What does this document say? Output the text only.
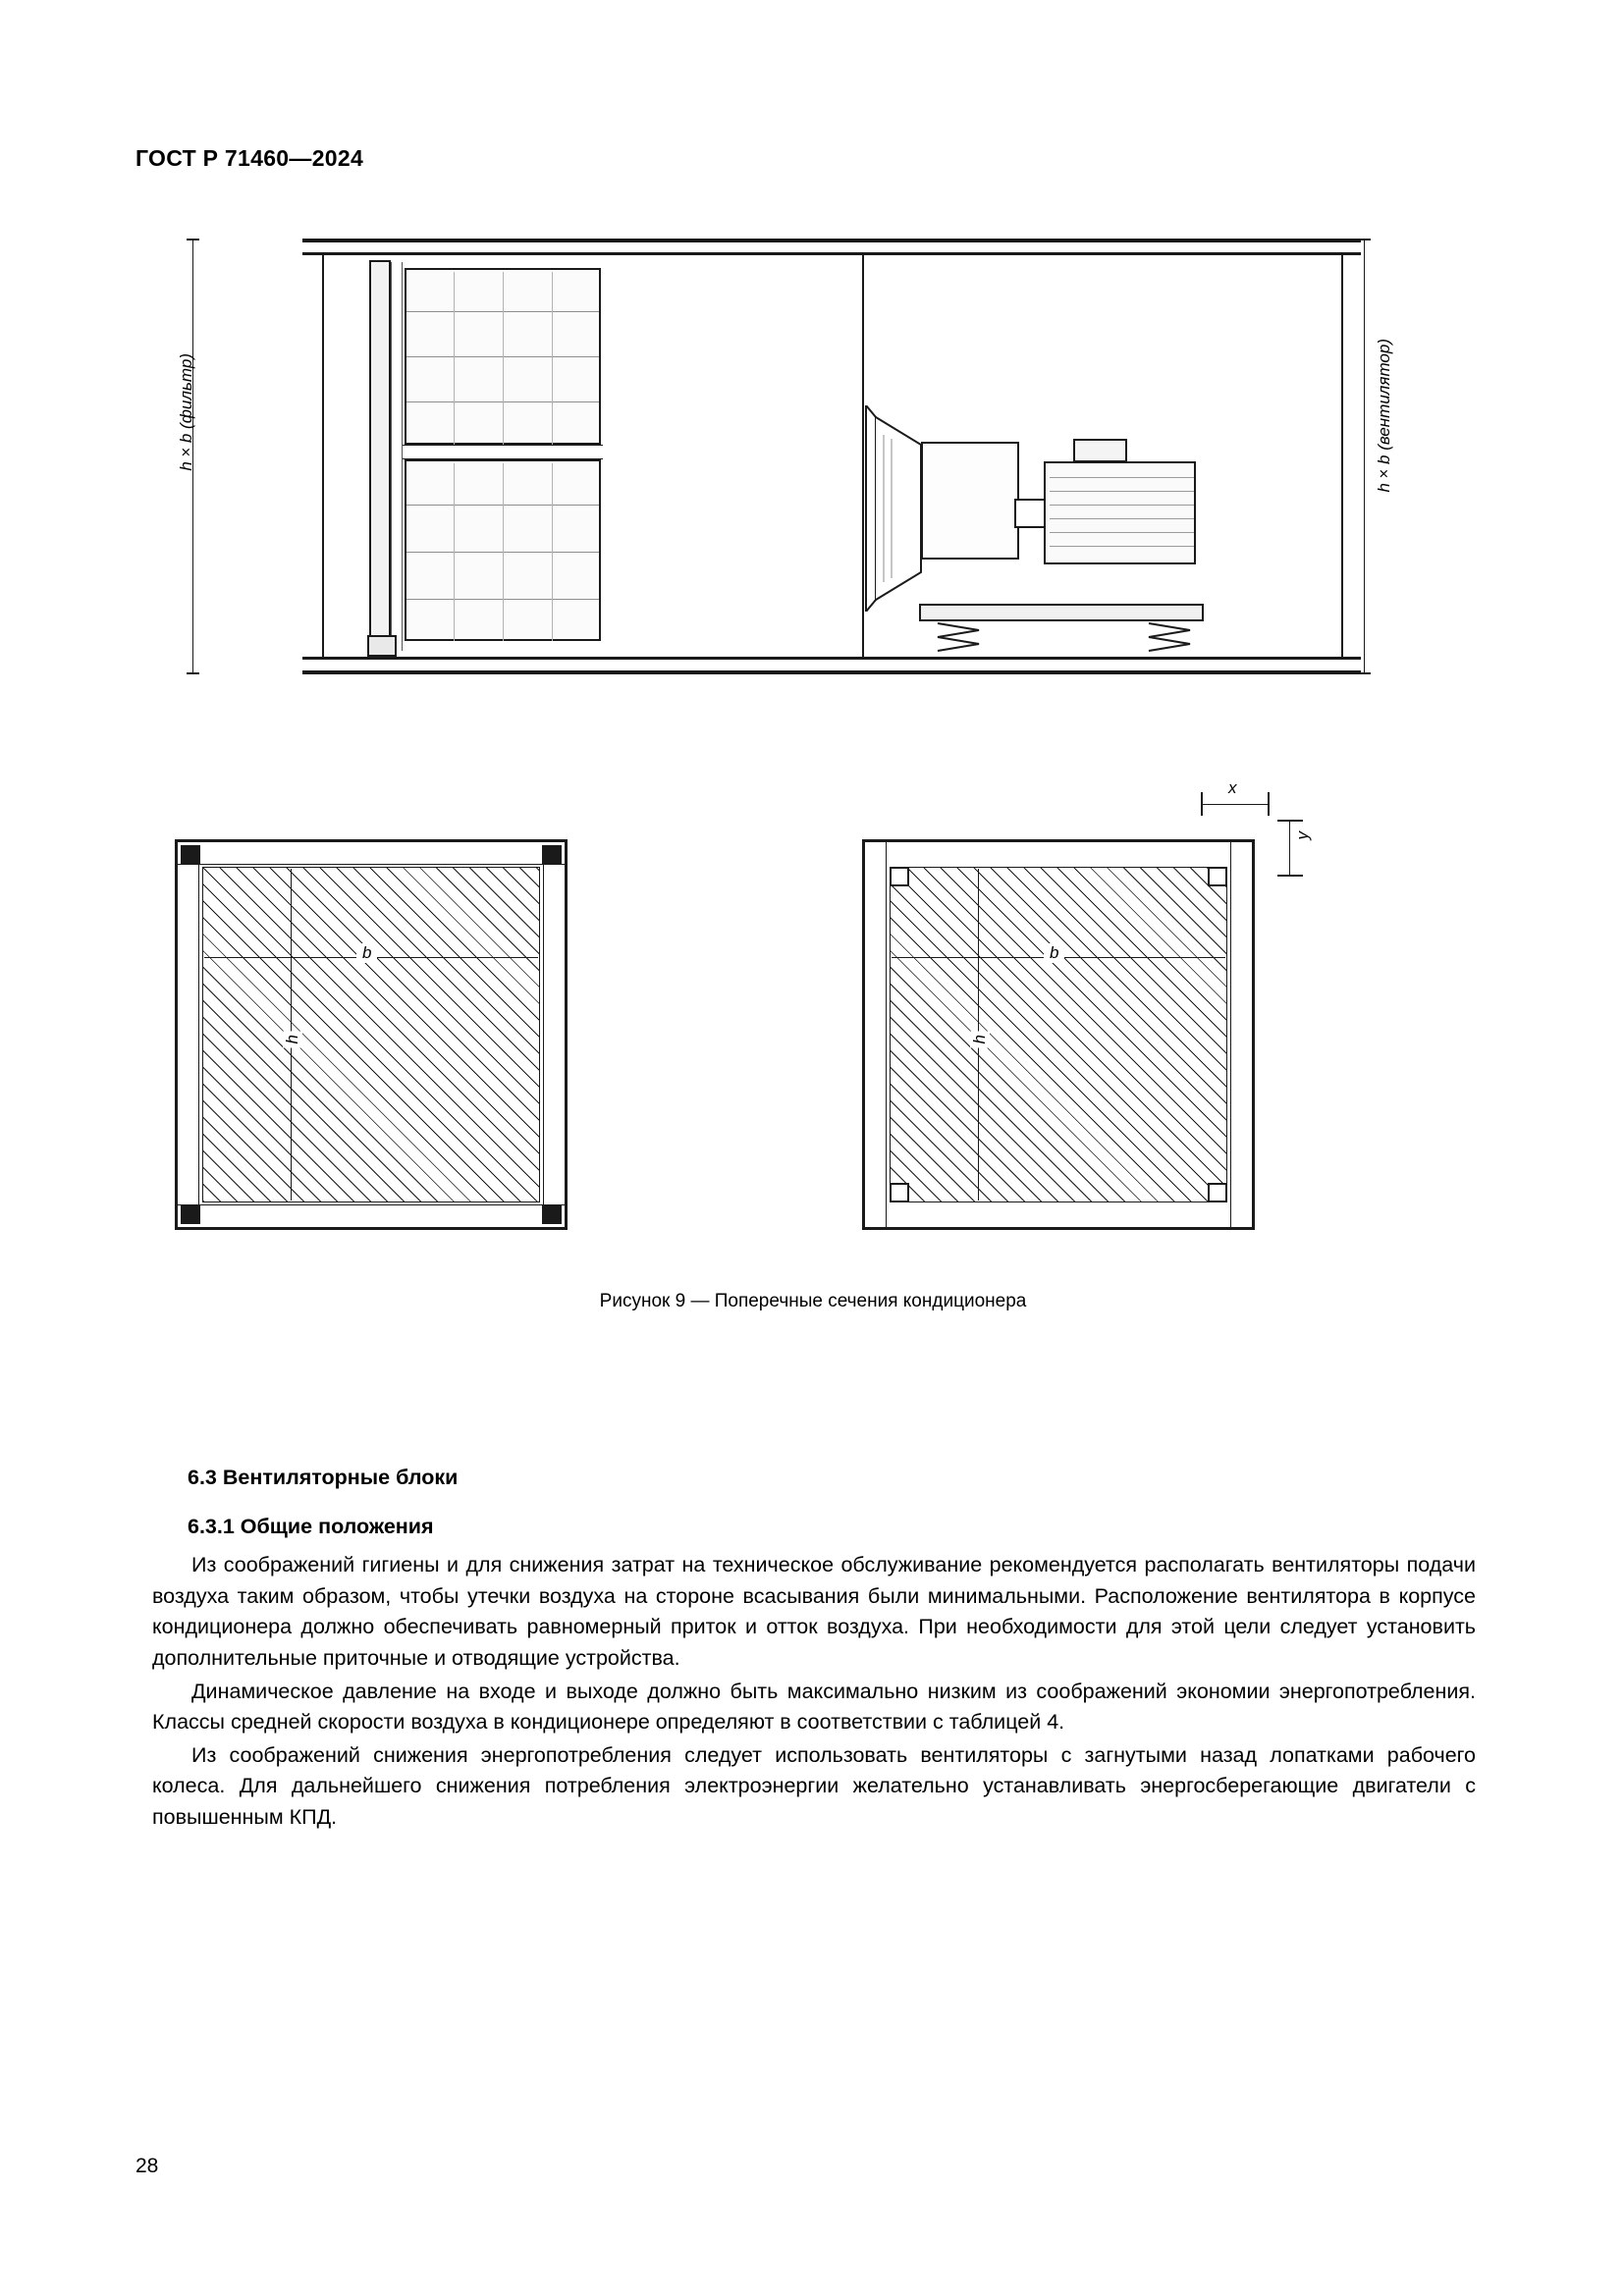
ГОСТ Р 71460—2024
h×b (фильтр)	h×b (вентилятор)
b
h
b
h
x
y
Рисунок 9 — Поперечные сечения кондиционера
6.3 Вентиляторные блоки
6.3.1 Общие положения

Из соображений гигиены и для снижения затрат на техническое обслуживание рекомендуется располагать вентиляторы подачи воздуха таким образом, чтобы утечки воздуха на стороне всасывания были минимальными. Расположение вентилятора в корпусе кондиционера должно обеспечивать равномерный приток и отток воздуха. При необходимости для этой цели следует установить дополнительные приточные и отводящие устройства.

Динамическое давление на входе и выходе должно быть максимально низким из соображений экономии энергопотребления. Классы средней скорости воздуха в кондиционере определяют в соответствии с таблицей 4.

Из соображений снижения энергопотребления следует использовать вентиляторы с загнутыми назад лопатками рабочего колеса. Для дальнейшего снижения потребления электроэнергии желательно устанавливать энергосберегающие двигатели с повышенным КПД.

28
